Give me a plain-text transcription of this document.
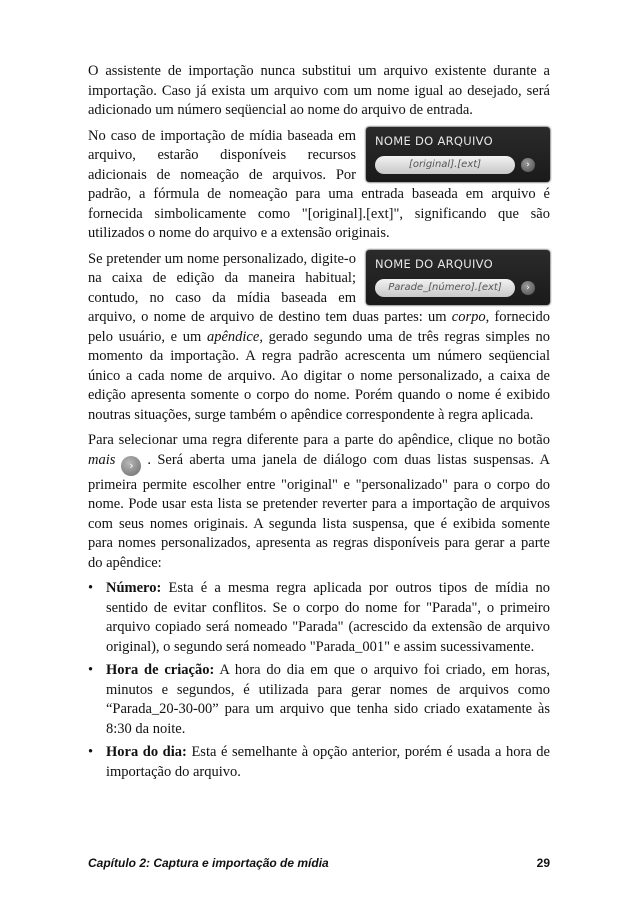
O assistente de importação nunca substitui um arquivo existente durante a importação. Caso já exista um arquivo com um nome igual ao desejado, será adicionado um número seqüencial ao nome do arquivo de entrada.

NOME DO ARQUIVO
[original].[ext]	›

No caso de importação de mídia baseada em arquivo, estarão disponíveis recursos adicionais de nomeação de arquivos. Por padrão, a fórmula de nomeação para uma entrada baseada em arquivo é fornecida simbolicamente como "[original].[ext]", significando que são utilizados o nome do arquivo e a extensão originais.

NOME DO ARQUIVO
Parade_[número].[ext]	›

Se pretender um nome personalizado, digite-o na caixa de edição da maneira habitual; contudo, no caso da mídia baseada em arquivo, o nome de arquivo de destino tem duas partes: um corpo, fornecido pelo usuário, e um apêndice, gerado segundo uma de três regras simples no momento da importação. A regra padrão acrescenta um número seqüencial único a cada nome de arquivo. Ao digitar o nome personalizado, a caixa de edição apresenta somente o corpo do nome. Porém quando o nome é exibido noutras situações, surge também o apêndice correspondente à regra aplicada.

Para selecionar uma regra diferente para a parte do apêndice, clique no botão mais › . Será aberta uma janela de diálogo com duas listas suspensas. A primeira permite escolher entre "original" e "personalizado" para o corpo do nome. Pode usar esta lista se pretender reverter para a importação de arquivos com seus nomes originais. A segunda lista suspensa, que é exibida somente para nomes personalizados, apresenta as regras disponíveis para gerar a parte do apêndice:

• Número: Esta é a mesma regra aplicada por outros tipos de mídia no sentido de evitar conflitos. Se o corpo do nome for "Parada", o primeiro arquivo copiado será nomeado "Parada" (acrescido da extensão de arquivo original), o segundo será nomeado "Parada_001" e assim sucessivamente.
• Hora de criação: A hora do dia em que o arquivo foi criado, em horas, minutos e segundos, é utilizada para gerar nomes de arquivos como “Parada_20-30-00” para um arquivo que tenha sido criado exatamente às 8:30 da noite.
• Hora do dia: Esta é semelhante à opção anterior, porém é usada a hora de importação do arquivo.
Capítulo 2: Captura e importação de mídia	29
